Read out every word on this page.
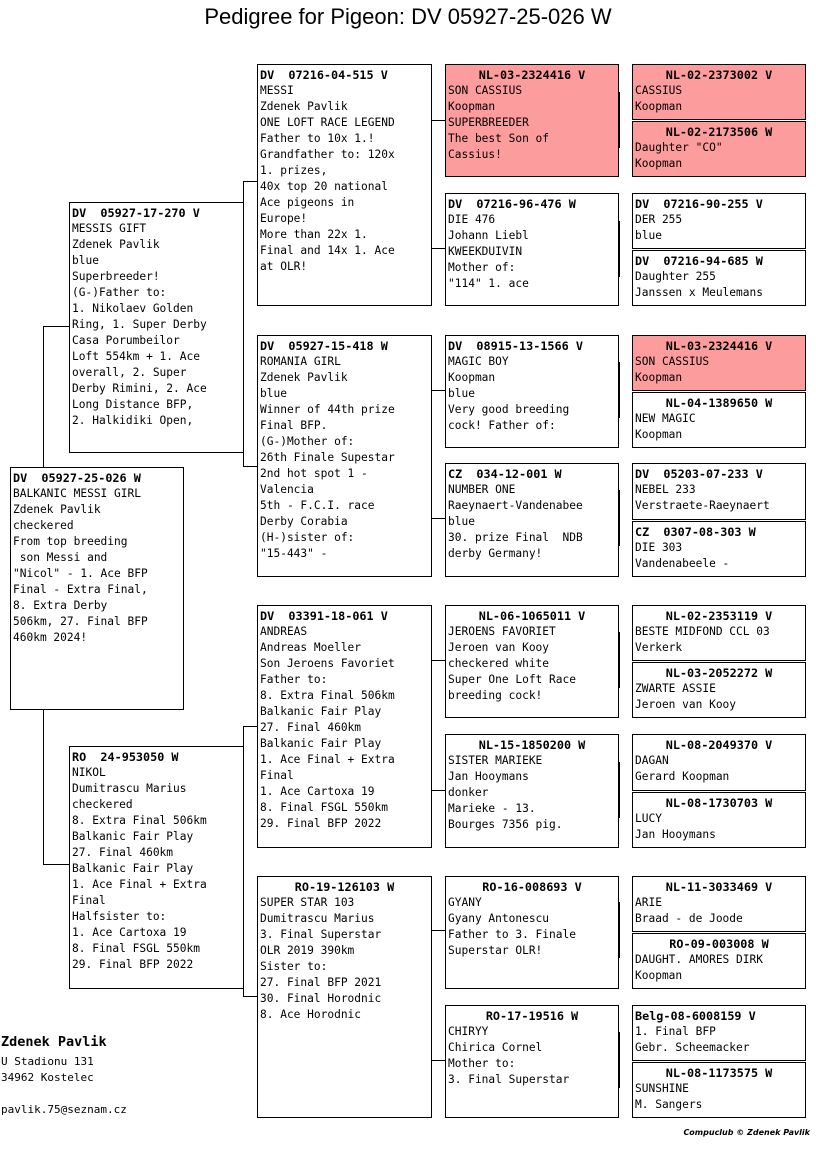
Pedigree for Pigeon: DV 05927-25-026 W
DV  05927-25-026 W
BALKANIC MESSI GIRL
Zdenek Pavlik
checkered
From top breeding
son Messi and
"Nicol" - 1. Ace BFP
Final - Extra Final,
8. Extra Derby
506km, 27. Final BFP
460km 2024!
DV  05927-17-270 V
MESSIS GIFT
Zdenek Pavlik
blue
Superbreeder!
(G-)Father to:
1. Nikolaev Golden
Ring, 1. Super Derby
Casa Porumbeilor
Loft 554km + 1. Ace
overall, 2. Super
Derby Rimini, 2. Ace
Long Distance BFP,
2. Halkidiki Open,
RO  24-953050 W
NIKOL
Dumitrascu Marius
checkered
8. Extra Final 506km
Balkanic Fair Play
27. Final 460km
Balkanic Fair Play
1. Ace Final + Extra
Final
Halfsister to:
1. Ace Cartoxa 19
8. Final FSGL 550km
29. Final BFP 2022
DV  07216-04-515 V
MESSI
Zdenek Pavlik
ONE LOFT RACE LEGEND
Father to 10x 1.!
Grandfather to: 120x
1. prizes,
40x top 20 national
Ace pigeons in
Europe!
More than 22x 1.
Final and 14x 1. Ace
at OLR!
DV  05927-15-418 W
ROMANIA GIRL
Zdenek Pavlik
blue
Winner of 44th prize
Final BFP.
(G-)Mother of:
26th Finale Supestar
2nd hot spot 1 -
Valencia
5th - F.C.I. race
Derby Corabia
(H-)sister of:
"15-443" -
DV  03391-18-061 V
ANDREAS
Andreas Moeller
Son Jeroens Favoriet
Father to:
8. Extra Final 506km
Balkanic Fair Play
27. Final 460km
Balkanic Fair Play
1. Ace Final + Extra
Final
1. Ace Cartoxa 19
8. Final FSGL 550km
29. Final BFP 2022
RO-19-126103 W
SUPER STAR 103
Dumitrascu Marius
3. Final Superstar
OLR 2019 390km
Sister to:
27. Final BFP 2021
30. Final Horodnic
8. Ace Horodnic
NL-03-2324416 V
SON CASSIUS
Koopman
SUPERBREEDER
The best Son of
Cassius!
DV  07216-96-476 W
DIE 476
Johann Liebl
KWEEKDUIVIN
Mother of:
"114" 1. ace
DV  08915-13-1566 V
MAGIC BOY
Koopman
blue
Very good breeding
cock! Father of:
CZ  034-12-001 W
NUMBER ONE
Raeynaert-Vandenabee
blue
30. prize Final  NDB
derby Germany!
NL-06-1065011 V
JEROENS FAVORIET
Jeroen van Kooy
checkered white
Super One Loft Race
breeding cock!
NL-15-1850200 W
SISTER MARIEKE
Jan Hooymans
donker
Marieke - 13.
Bourges 7356 pig.
RO-16-008693 V
GYANY
Gyany Antonescu
Father to 3. Finale
Superstar OLR!
RO-17-19516 W
CHIRYY
Chirica Cornel
Mother to:
3. Final Superstar
NL-02-2373002 V
CASSIUS
Koopman
NL-02-2173506 W
Daughter "CO"
Koopman
DV  07216-90-255 V
DER 255
blue
DV  07216-94-685 W
Daughter 255
Janssen x Meulemans
NL-03-2324416 V
SON CASSIUS
Koopman
NL-04-1389650 W
NEW MAGIC
Koopman
DV  05203-07-233 V
NEBEL 233
Verstraete-Raeynaert
CZ  0307-08-303 W
DIE 303
Vandenabeele -
NL-02-2353119 V
BESTE MIDFOND CCL 03
Verkerk
NL-03-2052272 W
ZWARTE ASSIE
Jeroen van Kooy
NL-08-2049370 V
DAGAN
Gerard Koopman
NL-08-1730703 W
LUCY
Jan Hooymans
NL-11-3033469 V
ARIE
Braad - de Joode
RO-09-003008 W
DAUGHT. AMORES DIRK
Koopman
Belg-08-6008159 V
1. Final BFP
Gebr. Scheemacker
NL-08-1173575 W
SUNSHINE
M. Sangers
Zdenek Pavlik
U Stadionu 131
34962 Kostelec
pavlik.75@seznam.cz
Compuclub © Zdenek Pavlik
